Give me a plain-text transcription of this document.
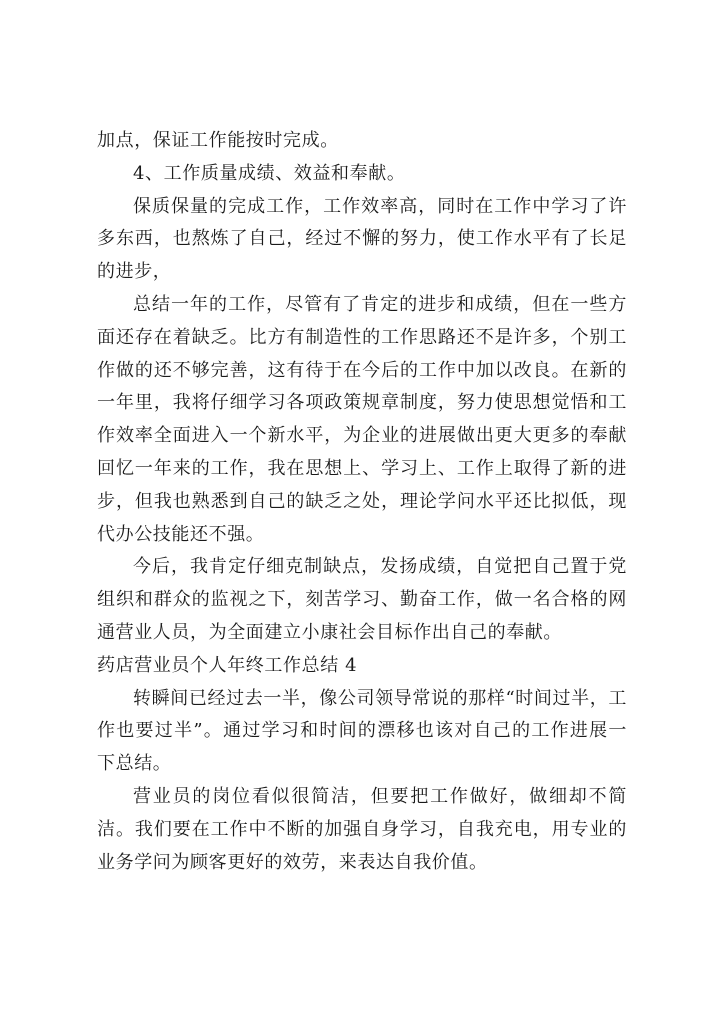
加点，保证工作能按时完成。

4、工作质量成绩、效益和奉献。

保质保量的完成工作，工作效率高，同时在工作中学习了许多东西，也熬炼了自己，经过不懈的努力，使工作水平有了长足的进步，

总结一年的工作，尽管有了肯定的进步和成绩，但在一些方面还存在着缺乏。比方有制造性的工作思路还不是许多，个别工作做的还不够完善，这有待于在今后的工作中加以改良。在新的一年里，我将仔细学习各项政策规章制度，努力使思想觉悟和工作效率全面进入一个新水平，为企业的进展做出更大更多的奉献回忆一年来的工作，我在思想上、学习上、工作上取得了新的进步，但我也熟悉到自己的缺乏之处，理论学问水平还比拟低，现代办公技能还不强。

今后，我肯定仔细克制缺点，发扬成绩，自觉把自己置于党组织和群众的监视之下，刻苦学习、勤奋工作，做一名合格的网通营业人员，为全面建立小康社会目标作出自己的奉献。

药店营业员个人年终工作总结 4

转瞬间已经过去一半，像公司领导常说的那样“时间过半，工作也要过半”。通过学习和时间的漂移也该对自己的工作进展一下总结。

营业员的岗位看似很简洁，但要把工作做好，做细却不简洁。我们要在工作中不断的加强自身学习，自我充电，用专业的业务学问为顾客更好的效劳，来表达自我价值。
